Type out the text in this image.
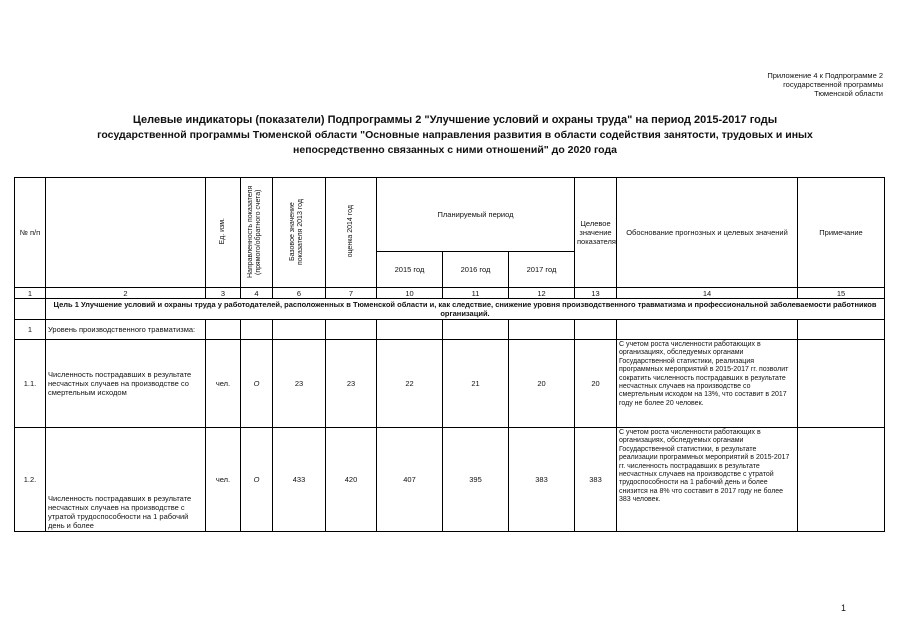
Приложение 4 к Подпрограмме 2
государственной программы
Тюменской области
Целевые индикаторы (показатели) Подпрограммы 2 "Улучшение условий и охраны труда" на период 2015-2017 годы
государственной программы Тюменской области "Основные направления развития в области содействия занятости, трудовых и иных
непосредственно связанных с ними отношений" до 2020 года
№ п/п		Ед. изм.	Направленность показателя (прямого/обратного счета)	Базовое значение показателя 2013 год	оценка 2014 год	Планируемый период			Целевое значение показателя	Обоснование прогнозных и целевых значений	Примечание
						2015 год	2016 год	2017 год			
1	2	3	4	6	7	10	11	12	13	14	15
	Цель 1 Улучшение условий и охраны труда у работодателей, расположенных в Тюменской области и, как следствие, снижение уровня производственного травматизма и профессиональной заболеваемости работников организаций.										
1	Уровень производственного травматизма:										
1.1.	Численность пострадавших в результате несчастных случаев на производстве со смертельным исходом	чел.	О	23	23	22	21	20	20	С учетом роста численности работающих в организациях, обследуемых органами Государственной статистики, реализация программных мероприятий в 2015-2017 гг. позволит сократить численность пострадавших в результате несчастных случаев на производстве со смертельным исходом на 13%, что составит в 2017 году не более 20 человек.	
1.2.	Численность пострадавших в результате несчастных случаев на производстве с утратой трудоспособности на 1 рабочий день и более	чел.	О	433	420	407	395	383	383	С учетом роста численности работающих в организациях, обследуемых органами Государственной статистики, в результате реализации программных мероприятий в 2015-2017 гг. численность пострадавших в результате несчастных случаев на производстве с утратой трудоспособности на 1 рабочий день и более снизится на 8% что составит в 2017 году не более 383 человек.	
1
